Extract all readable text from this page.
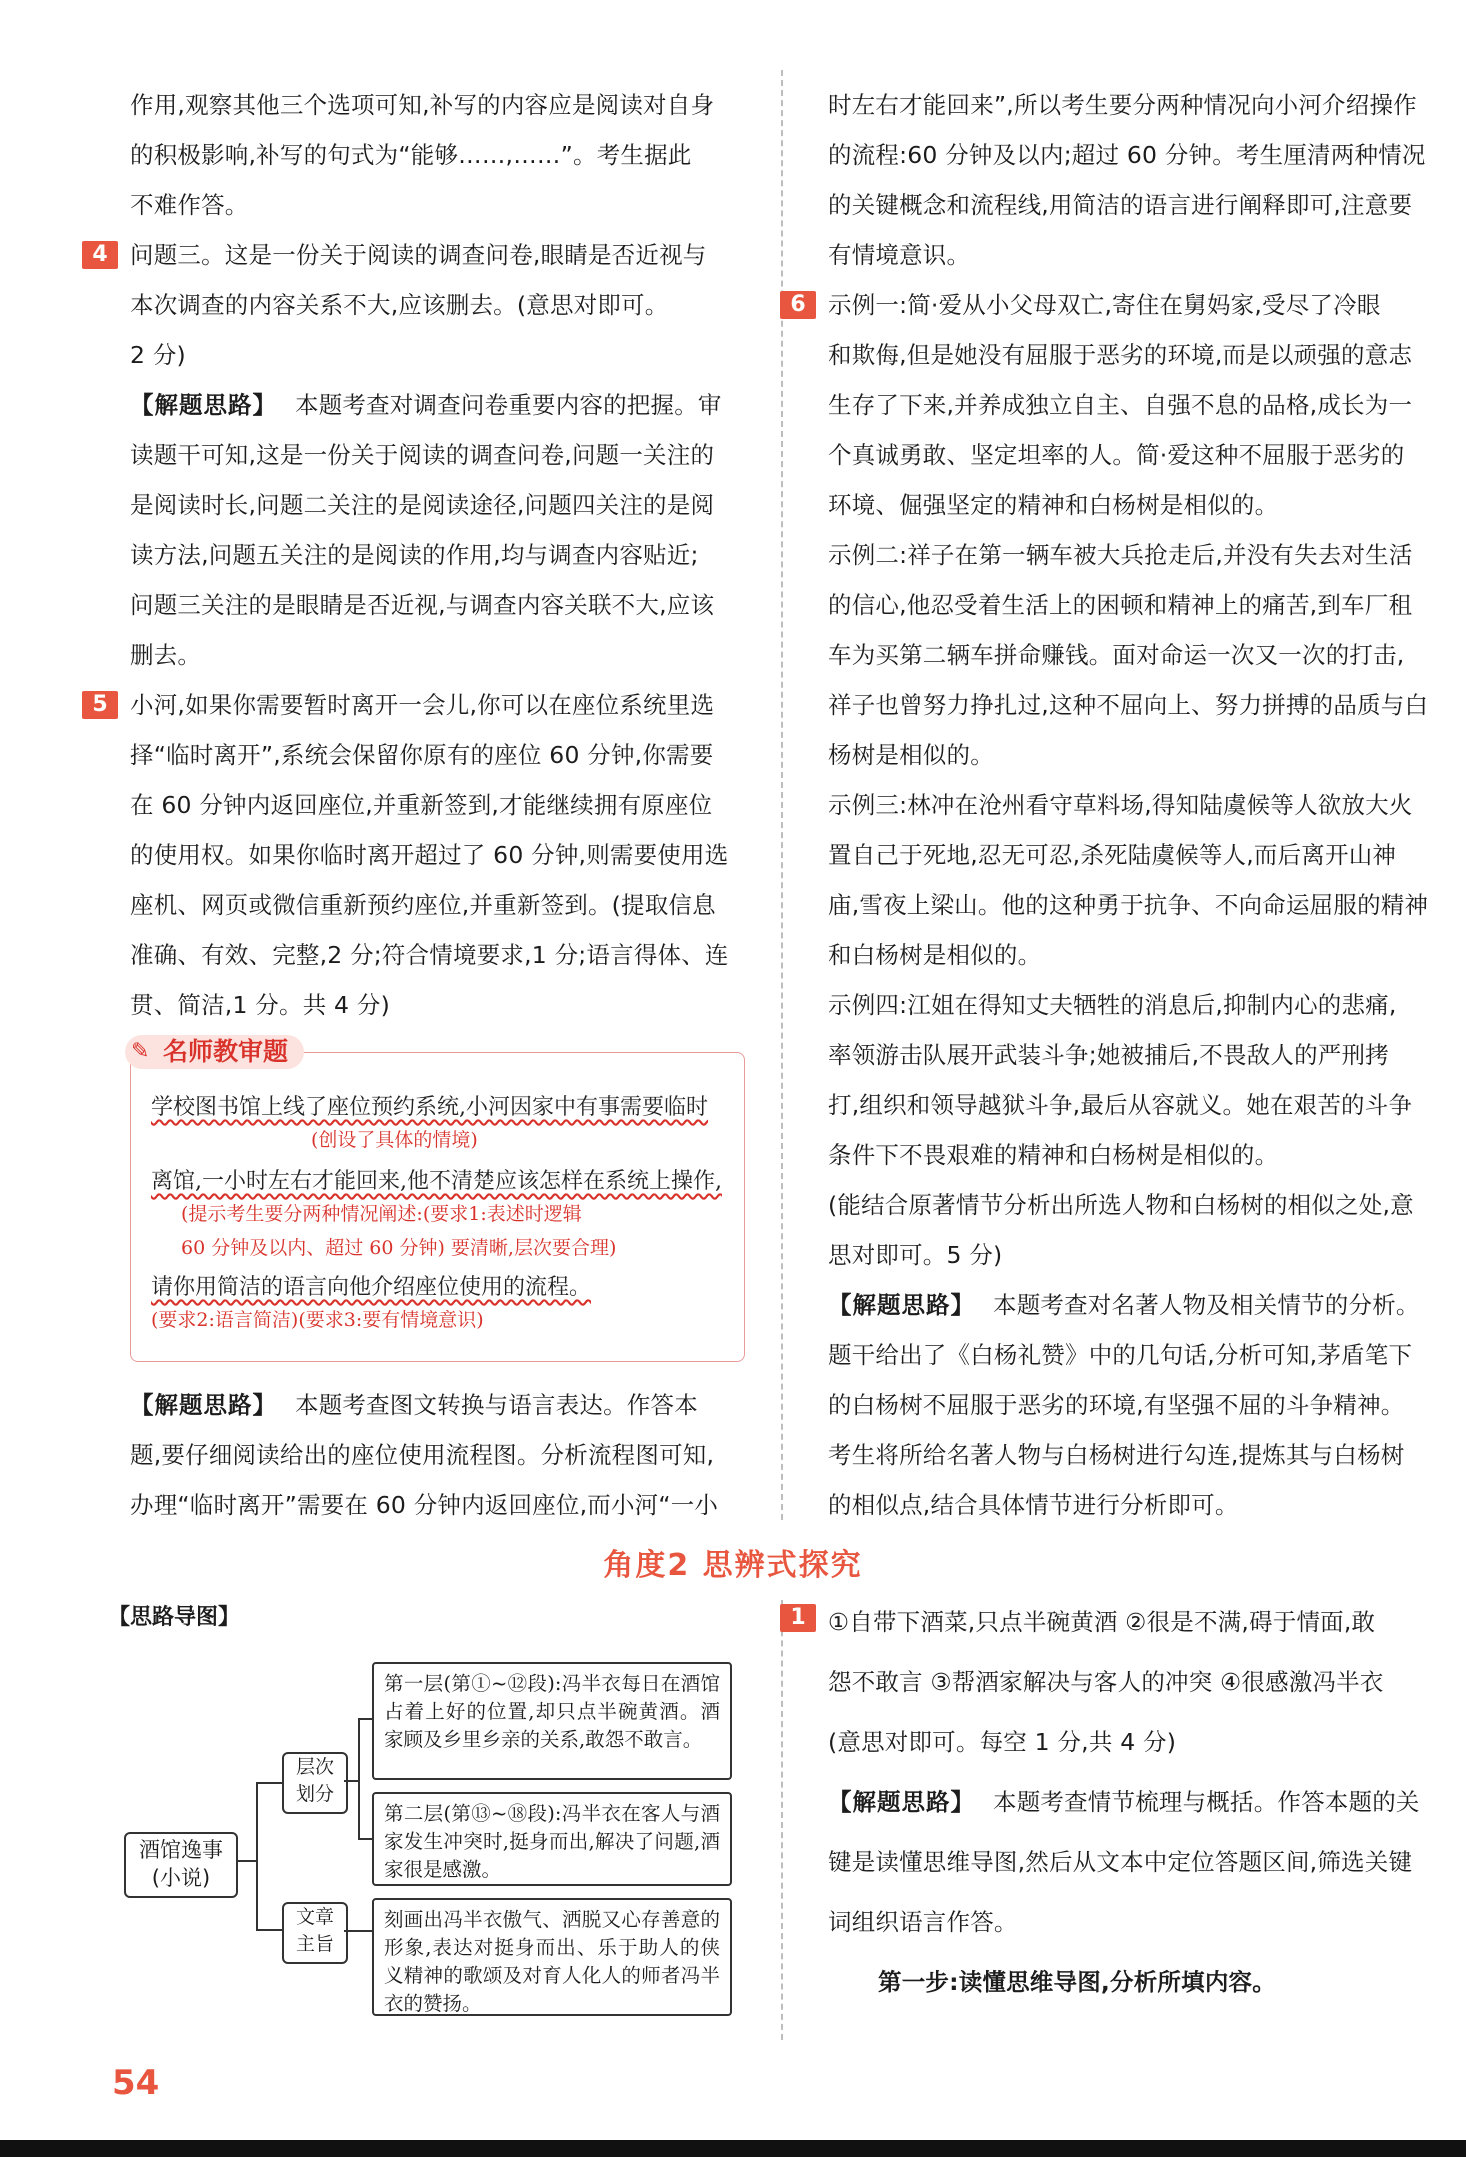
作用,观察其他三个选项可知,补写的内容应是阅读对自身
的积极影响,补写的句式为“能够……,……”。考生据此
不难作答。
4 问题三。这是一份关于阅读的调查问卷,眼睛是否近视与
本次调查的内容关系不大,应该删去。(意思对即可。
2 分)
【解题思路】 本题考查对调查问卷重要内容的把握。审
读题干可知,这是一份关于阅读的调查问卷,问题一关注的
是阅读时长,问题二关注的是阅读途径,问题四关注的是阅
读方法,问题五关注的是阅读的作用,均与调查内容贴近;
问题三关注的是眼睛是否近视,与调查内容关联不大,应该
删去。
5 小河,如果你需要暂时离开一会儿,你可以在座位系统里选
择“临时离开”,系统会保留你原有的座位 60 分钟,你需要
在 60 分钟内返回座位,并重新签到,才能继续拥有原座位
的使用权。如果你临时离开超过了 60 分钟,则需要使用选
座机、网页或微信重新预约座位,并重新签到。(提取信息
准确、有效、完整,2 分;符合情境要求,1 分;语言得体、连
贯、简洁,1 分。共 4 分)
✎ 名师教审题
学校图书馆上线了座位预约系统,小河因家中有事需要临时
(创设了具体的情境)
离馆,一小时左右才能回来,他不清楚应该怎样在系统上操作,
(提示考生要分两种情况阐述:(要求1:表述时逻辑
60 分钟及以内、超过 60 分钟) 要清晰,层次要合理)
请你用简洁的语言向他介绍座位使用的流程。
(要求2:语言简洁)(要求3:要有情境意识)
【解题思路】 本题考查图文转换与语言表达。作答本
题,要仔细阅读给出的座位使用流程图。分析流程图可知,
办理“临时离开”需要在 60 分钟内返回座位,而小河“一小
时左右才能回来”,所以考生要分两种情况向小河介绍操作
的流程:60 分钟及以内;超过 60 分钟。考生厘清两种情况
的关键概念和流程线,用简洁的语言进行阐释即可,注意要
有情境意识。
6 示例一:简·爱从小父母双亡,寄住在舅妈家,受尽了冷眼
和欺侮,但是她没有屈服于恶劣的环境,而是以顽强的意志
生存了下来,并养成独立自主、自强不息的品格,成长为一
个真诚勇敢、坚定坦率的人。简·爱这种不屈服于恶劣的
环境、倔强坚定的精神和白杨树是相似的。
示例二:祥子在第一辆车被大兵抢走后,并没有失去对生活
的信心,他忍受着生活上的困顿和精神上的痛苦,到车厂租
车为买第二辆车拼命赚钱。面对命运一次又一次的打击,
祥子也曾努力挣扎过,这种不屈向上、努力拼搏的品质与白
杨树是相似的。
示例三:林冲在沧州看守草料场,得知陆虞候等人欲放大火
置自己于死地,忍无可忍,杀死陆虞候等人,而后离开山神
庙,雪夜上梁山。他的这种勇于抗争、不向命运屈服的精神
和白杨树是相似的。
示例四:江姐在得知丈夫牺牲的消息后,抑制内心的悲痛,
率领游击队展开武装斗争;她被捕后,不畏敌人的严刑拷
打,组织和领导越狱斗争,最后从容就义。她在艰苦的斗争
条件下不畏艰难的精神和白杨树是相似的。
(能结合原著情节分析出所选人物和白杨树的相似之处,意
思对即可。5 分)
【解题思路】 本题考查对名著人物及相关情节的分析。
题干给出了《白杨礼赞》中的几句话,分析可知,茅盾笔下
的白杨树不屈服于恶劣的环境,有坚强不屈的斗争精神。
考生将所给名著人物与白杨树进行勾连,提炼其与白杨树
的相似点,结合具体情节进行分析即可。
角度2 思辨式探究
【思路导图】
酒馆逸事
(小说)
层次
划分
文章
主旨
第一层(第①~⑫段):冯半衣每日在酒馆占着上好的位置,却只点半碗黄酒。酒家顾及乡里乡亲的关系,敢怨不敢言。
第二层(第⑬~⑱段):冯半衣在客人与酒家发生冲突时,挺身而出,解决了问题,酒家很是感激。
刻画出冯半衣傲气、洒脱又心存善意的形象,表达对挺身而出、乐于助人的侠义精神的歌颂及对育人化人的师者冯半衣的赞扬。
1 ①自带下酒菜,只点半碗黄酒 ②很是不满,碍于情面,敢
怨不敢言 ③帮酒家解决与客人的冲突 ④很感激冯半衣
(意思对即可。每空 1 分,共 4 分)
【解题思路】 本题考查情节梳理与概括。作答本题的关
键是读懂思维导图,然后从文本中定位答题区间,筛选关键
词组织语言作答。
第一步:读懂思维导图,分析所填内容。
54
